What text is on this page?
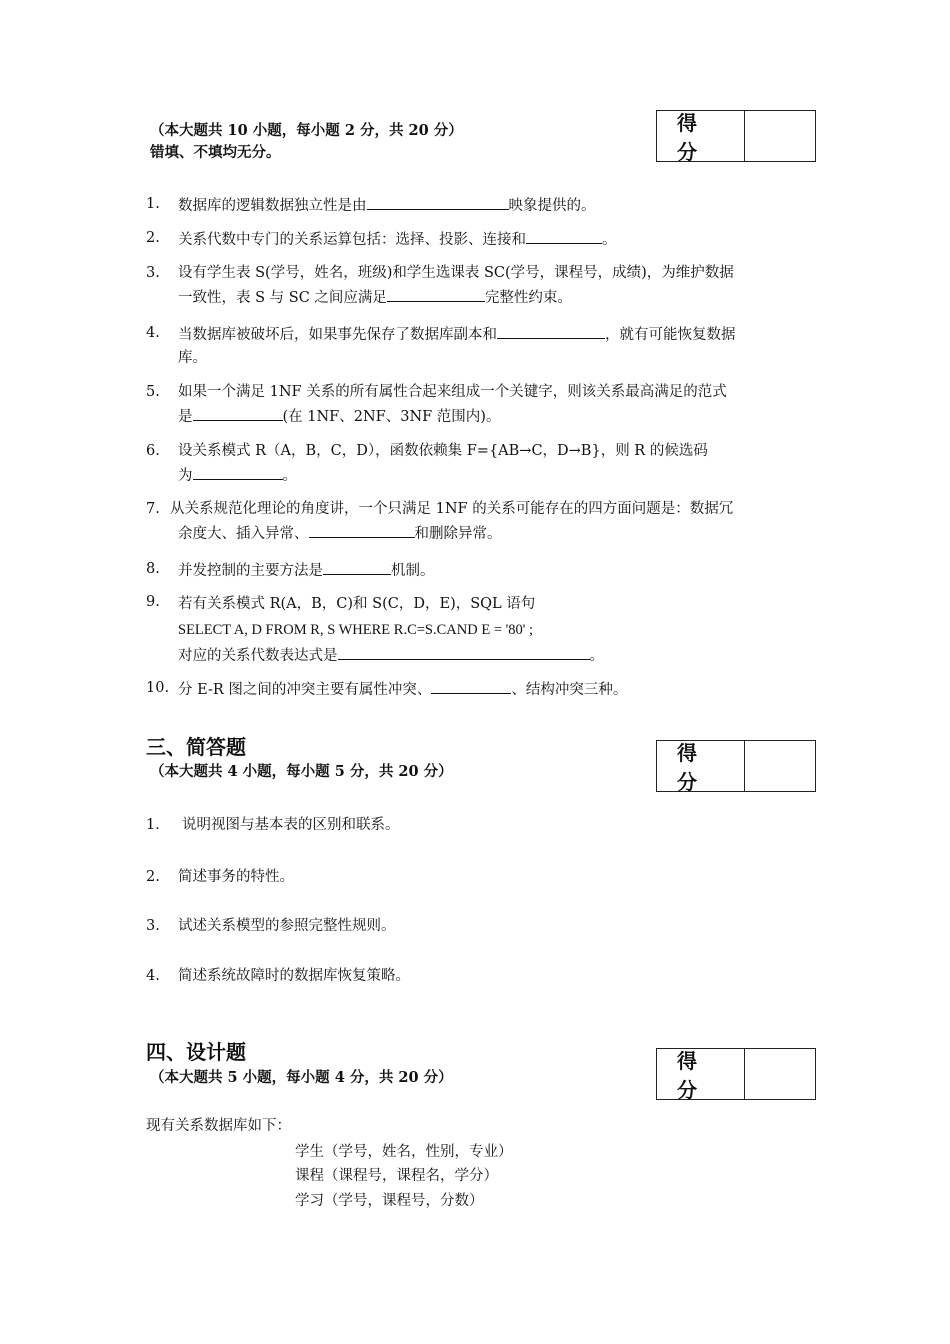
（本大题共 10 小题，每小题 2 分，共 20 分）
错填、不填均无分。
得 分
1. 数据库的逻辑数据独立性是由	映象提供的。
2. 关系代数中专门的关系运算包括：选择、投影、连接和	。
3. 设有学生表 S(学号，姓名，班级)和学生选课表 SC(学号，课程号，成绩)，为维护数据
一致性，表 S 与 SC 之间应满足	完整性约束。
4. 当数据库被破坏后，如果事先保存了数据库副本和	，就有可能恢复数据
库。
5. 如果一个满足 1NF 关系的所有属性合起来组成一个关键字，则该关系最高满足的范式
是	(在 1NF、2NF、3NF 范围内)。
6. 设关系模式 R（A，B，C，D），函数依赖集 F={AB→C，D→B}，则 R 的候选码
为	。
7. 从关系规范化理论的角度讲，一个只满足 1NF 的关系可能存在的四方面问题是：数据冗
余度大、插入异常、	和删除异常。
8. 并发控制的主要方法是	机制。
9. 若有关系模式 R(A，B，C)和 S(C，D，E)，SQL 语句
SELECT A, D FROM R, S WHERE R.C=S.CAND E = '80' ;
对应的关系代数表达式是	。
10. 分 E-R 图之间的冲突主要有属性冲突、	、结构冲突三种。
三、简答题
（本大题共 4 小题，每小题 5 分，共 20 分）
得 分
1． 说明视图与基本表的区别和联系。
2. 简述事务的特性。
3. 试述关系模型的参照完整性规则。
4. 简述系统故障时的数据库恢复策略。
四、设计题
（本大题共 5 小题，每小题 4 分，共 20 分）
得 分
现有关系数据库如下：
学生（学号，姓名，性别，专业）
课程（课程号，课程名，学分）
学习（学号，课程号，分数）
